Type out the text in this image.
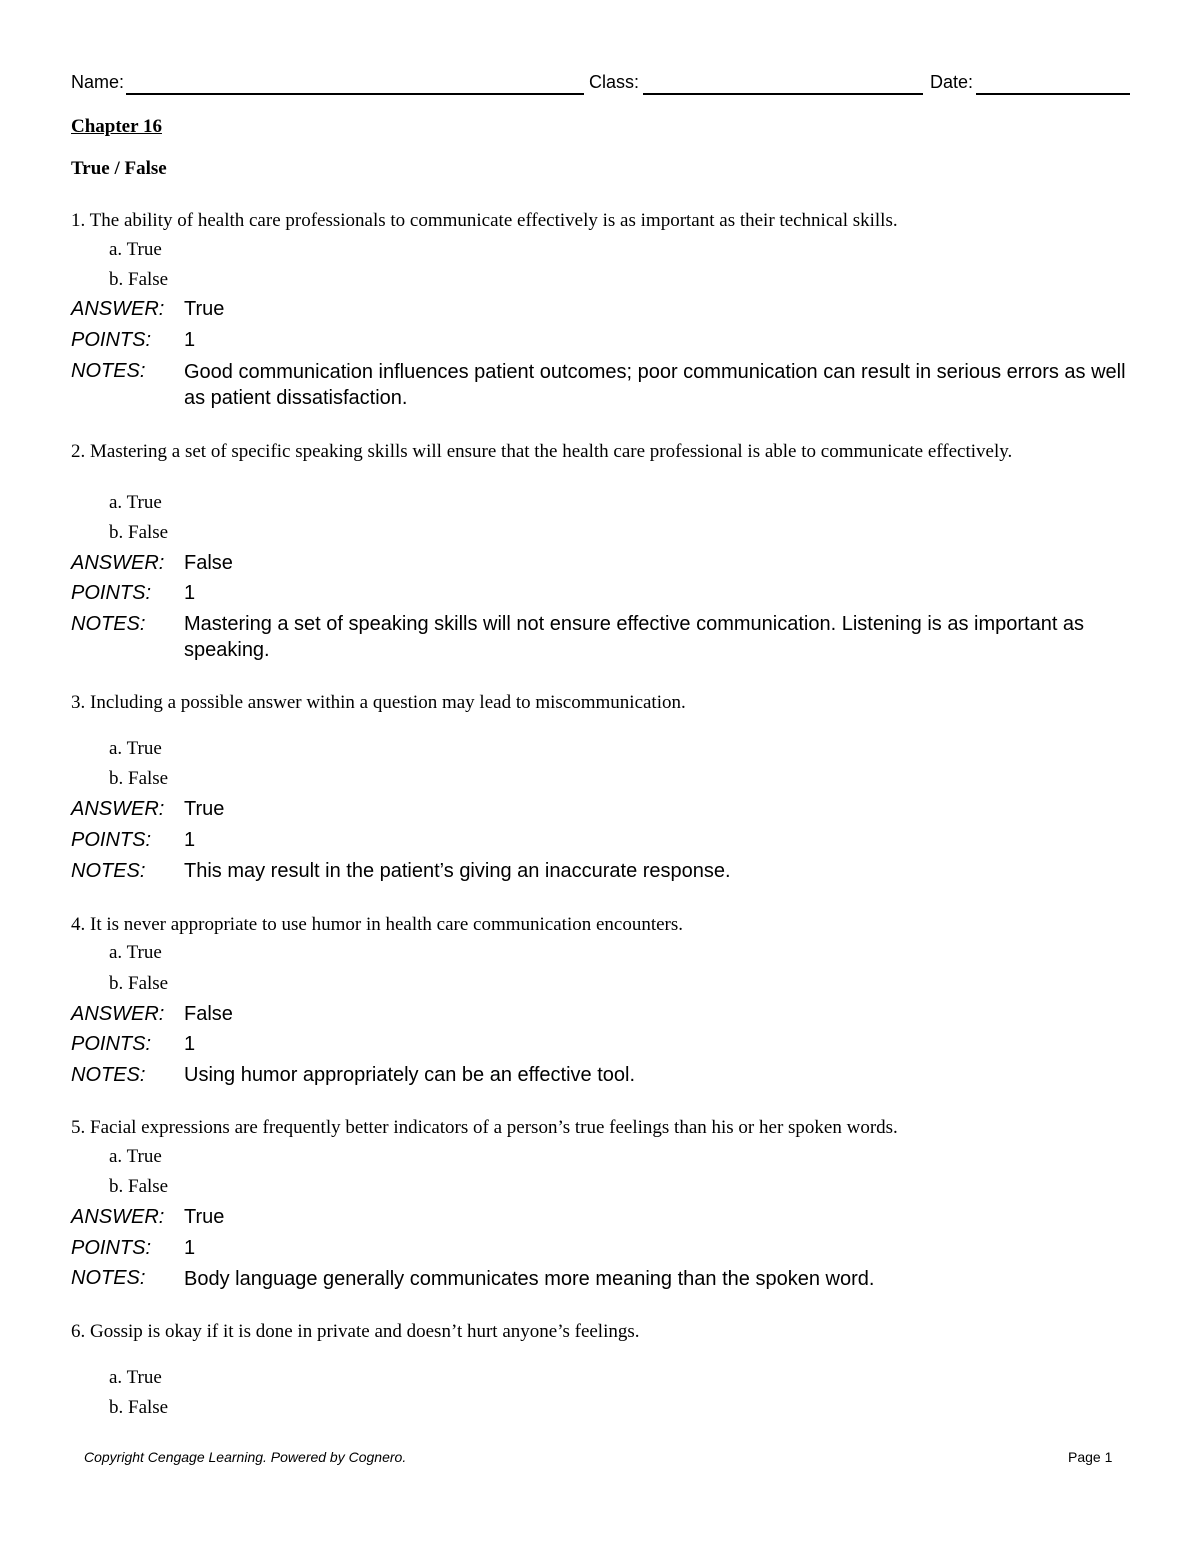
Name:	Class:	Date:
Chapter 16
True / False
1. The ability of health care professionals to communicate effectively is as important as their technical skills.
a. True
b. False
ANSWER: True
POINTS: 1
NOTES: Good communication influences patient outcomes; poor communication can result in serious errors as well as patient dissatisfaction.
2. Mastering a set of specific speaking skills will ensure that the health care professional is able to communicate effectively.
a. True
b. False
ANSWER: False
POINTS: 1
NOTES: Mastering a set of speaking skills will not ensure effective communication. Listening is as important as speaking.
3. Including a possible answer within a question may lead to miscommunication.
a. True
b. False
ANSWER: True
POINTS: 1
NOTES: This may result in the patient’s giving an inaccurate response.
4. It is never appropriate to use humor in health care communication encounters.
a. True
b. False
ANSWER: False
POINTS: 1
NOTES: Using humor appropriately can be an effective tool.
5. Facial expressions are frequently better indicators of a person’s true feelings than his or her spoken words.
a. True
b. False
ANSWER: True
POINTS: 1
NOTES: Body language generally communicates more meaning than the spoken word.
6. Gossip is okay if it is done in private and doesn’t hurt anyone’s feelings.
a. True
b. False
Copyright Cengage Learning. Powered by Cognero.	Page 1
